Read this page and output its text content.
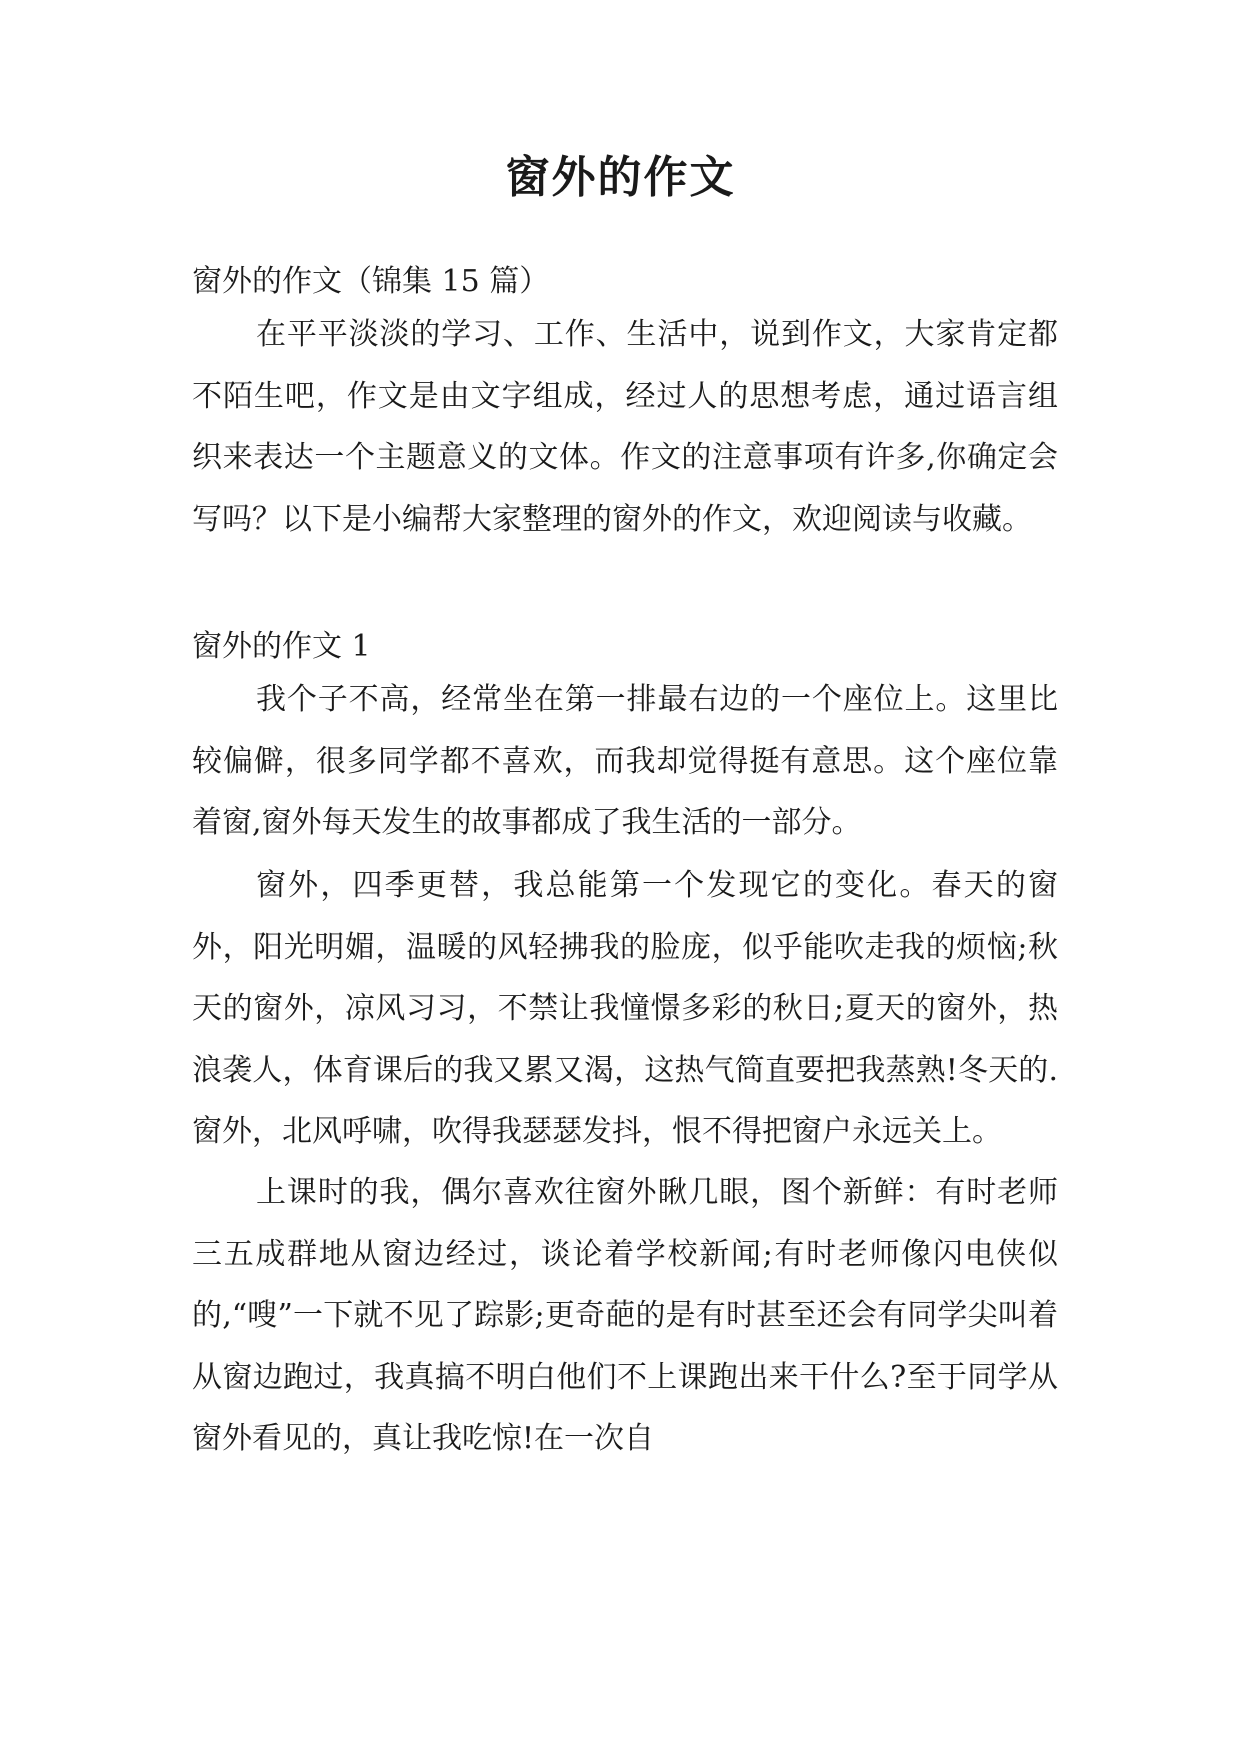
窗外的作文

窗外的作文（锦集 15 篇）

在平平淡淡的学习、工作、生活中，说到作文，大家肯定都不陌生吧，作文是由文字组成，经过人的思想考虑，通过语言组织来表达一个主题意义的文体。作文的注意事项有许多,你确定会写吗？以下是小编帮大家整理的窗外的作文，欢迎阅读与收藏。

窗外的作文 1

我个子不高，经常坐在第一排最右边的一个座位上。这里比较偏僻，很多同学都不喜欢，而我却觉得挺有意思。这个座位靠着窗,窗外每天发生的故事都成了我生活的一部分。

窗外，四季更替，我总能第一个发现它的变化。春天的窗外，阳光明媚，温暖的风轻拂我的脸庞，似乎能吹走我的烦恼;秋天的窗外，凉风习习，不禁让我憧憬多彩的秋日;夏天的窗外，热浪袭人，体育课后的我又累又渴，这热气简直要把我蒸熟!冬天的.窗外，北风呼啸，吹得我瑟瑟发抖，恨不得把窗户永远关上。

上课时的我，偶尔喜欢往窗外瞅几眼，图个新鲜：有时老师三五成群地从窗边经过，谈论着学校新闻;有时老师像闪电侠似的,“嗖”一下就不见了踪影;更奇葩的是有时甚至还会有同学尖叫着从窗边跑过，我真搞不明白他们不上课跑出来干什么?至于同学从窗外看见的，真让我吃惊!在一次自
